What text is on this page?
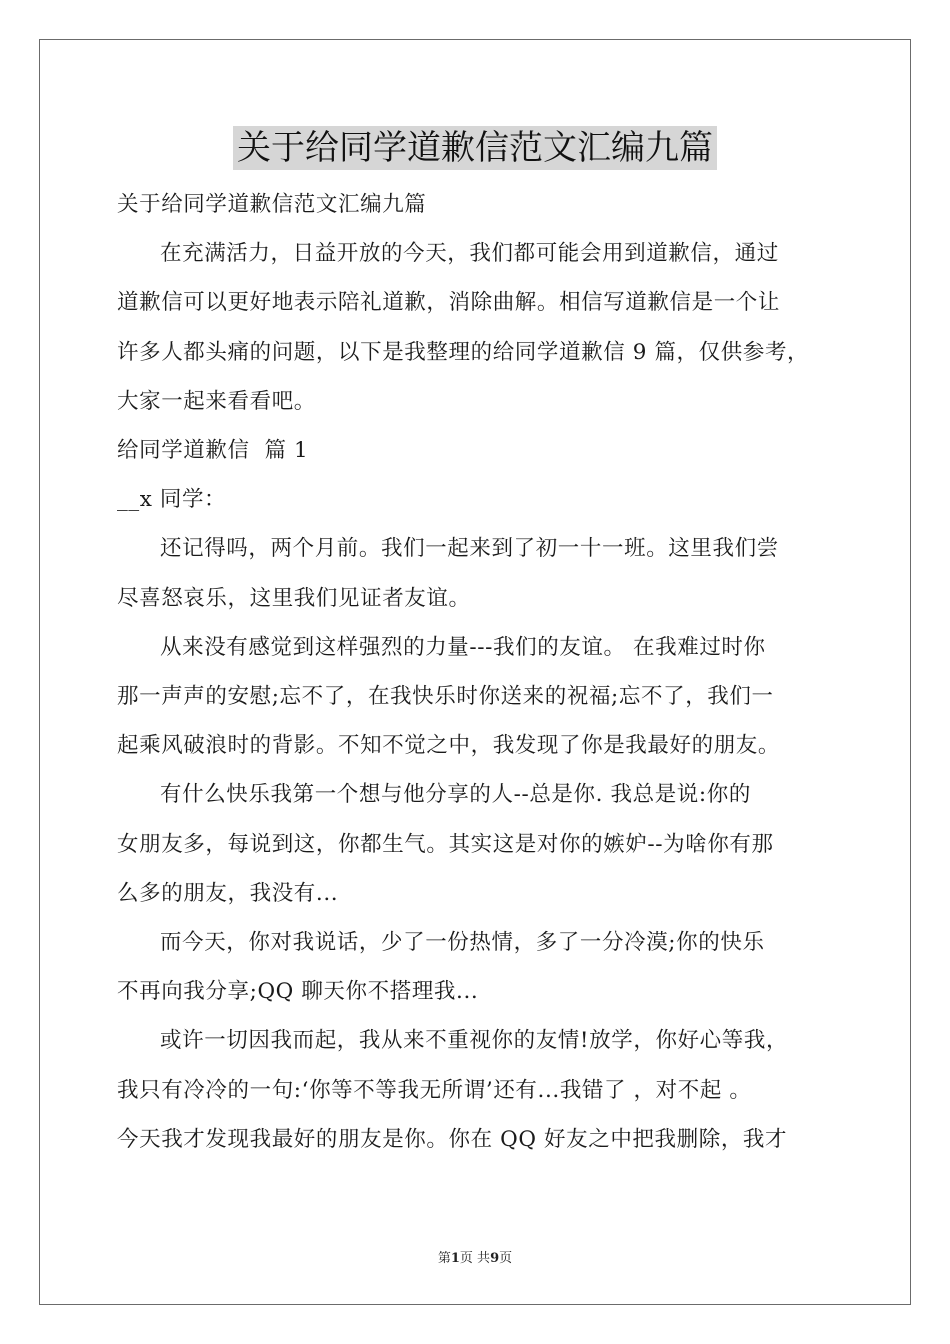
关于给同学道歉信范文汇编九篇

关于给同学道歉信范文汇编九篇

在充满活力，日益开放的今天，我们都可能会用到道歉信，通过

道歉信可以更好地表示陪礼道歉，消除曲解。相信写道歉信是一个让

许多人都头痛的问题，以下是我整理的给同学道歉信 9 篇，仅供参考，

大家一起来看看吧。

给同学道歉信  篇 1

__x 同学：

还记得吗，两个月前。我们一起来到了初一十一班。这里我们尝

尽喜怒哀乐，这里我们见证者友谊。

从来没有感觉到这样强烈的力量---我们的友谊。 在我难过时你

那一声声的安慰;忘不了，在我快乐时你送来的祝福;忘不了，我们一

起乘风破浪时的背影。不知不觉之中，我发现了你是我最好的朋友。

有什么快乐我第一个想与他分享的人--总是你. 我总是说:你的

女朋友多，每说到这，你都生气。其实这是对你的嫉妒--为啥你有那

么多的朋友，我没有...

而今天，你对我说话，少了一份热情，多了一分冷漠;你的快乐

不再向我分享;QQ 聊天你不搭理我...

或许一切因我而起，我从来不重视你的友情!放学，你好心等我，

我只有冷冷的一句:‘你等不等我无所谓’还有...我错了 ，对不起 。

今天我才发现我最好的朋友是你。你在 QQ 好友之中把我删除，我才

第1页 共9页
